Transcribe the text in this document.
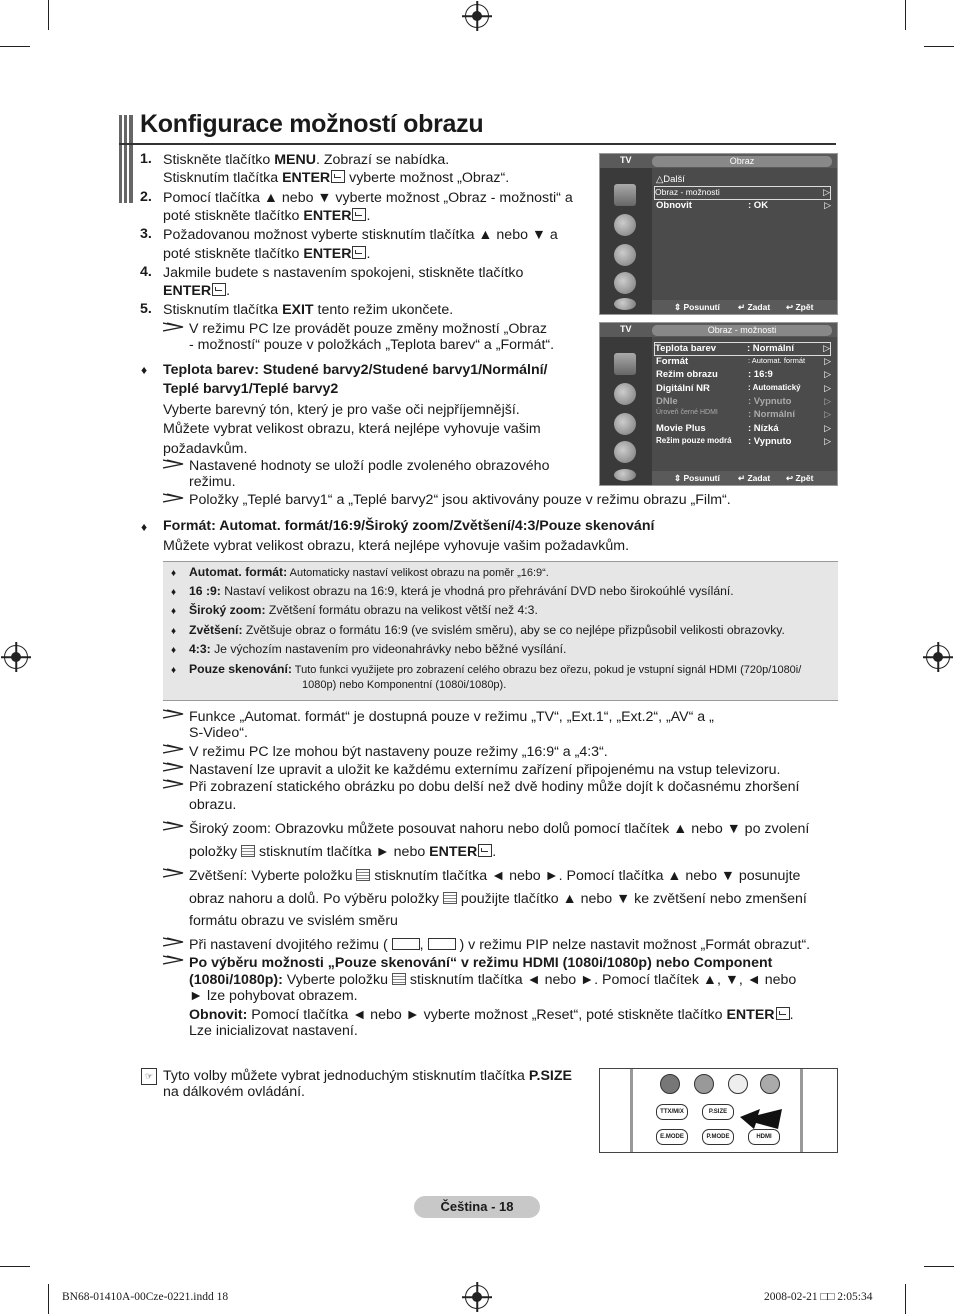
Konfigurace možností obrazu
1. Stiskněte tlačítko MENU. Zobrazí se nabídka.
Stisknutím tlačítka ENTER vyberte možnost „Obraz“.
2. Pomocí tlačítka ▲ nebo ▼ vyberte možnost „Obraz - možnosti“ a
poté stiskněte tlačítko ENTER .
3. Požadovanou možnost vyberte stisknutím tlačítka ▲ nebo ▼ a
poté stiskněte tlačítko ENTER .
4. Jakmile budete s nastavením spokojeni, stiskněte tlačítko
ENTER .
5. Stisknutím tlačítka EXIT tento režim ukončete.
V režimu PC lze provádět pouze změny možností „Obraz
- možností“ pouze v položkách „Teplota barev“ a „Formát“.
♦ Teplota barev: Studené barvy2/Studené barvy1/Normální/
Teplé barvy1/Teplé barvy2
Vyberte barevný tón, který je pro vaše oči nejpříjemnější.
Můžete vybrat velikost obrazu, která nejlépe vyhovuje vašim
požadavkům.
Nastavené hodnoty se uloží podle zvoleného obrazového
režimu.
Položky „Teplé barvy1“ a „Teplé barvy2“ jsou aktivovány pouze v režimu obrazu „Film“.
♦ Formát: Automat. formát/16:9/Široký zoom/Zvětšení/4:3/Pouze skenování
Můžete vybrat velikost obrazu, která nejlépe vyhovuje vašim požadavkům.
♦ Automat. formát: Automaticky nastaví velikost obrazu na poměr „16:9“.
♦ 16 :9: Nastaví velikost obrazu na 16:9, která je vhodná pro přehrávání DVD nebo širokoúhlé vysílání.
♦ Široký zoom: Zvětšení formátu obrazu na velikost větší než 4:3.
♦ Zvětšení: Zvětšuje obraz o formátu 16:9 (ve svislém směru), aby se co nejlépe přizpůsobil velikosti obrazovky.
♦ 4:3: Je výchozím nastavením pro videonahrávky nebo běžné vysílání.
♦ Pouze skenování: Tuto funkci využijete pro zobrazení celého obrazu bez ořezu, pokud je vstupní signál HDMI (720p/1080i/
1080p) nebo Komponentní (1080i/1080p).
Funkce „Automat. formát“ je dostupná pouze v režimu „TV“, „Ext.1“, „Ext.2“, „AV“ a „
S-Video“.
V režimu PC lze mohou být nastaveny pouze režimy „16:9“ a „4:3“.
Nastavení lze upravit a uložit ke každému externímu zařízení připojenému na vstup televizoru.
Při zobrazení statického obrázku po dobu delší než dvě hodiny může dojít k dočasnému zhoršení
obrazu.
Široký zoom: Obrazovku můžete posouvat nahoru nebo dolů pomocí tlačítek ▲ nebo ▼ po zvolení
položky  stisknutím tlačítka ► nebo ENTER .
Zvětšení: Vyberte položku  stisknutím tlačítka ◄ nebo ►. Pomocí tlačítka ▲ nebo ▼ posunujte
obraz nahoru a dolů. Po výběru položky  použijte tlačítko ▲ nebo ▼ ke zvětšení nebo zmenšení
formátu obrazu ve svislém směru
Při nastavení dvojitého režimu ( ,  ) v režimu PIP nelze nastavit možnost „Formát obrazut“.
Po výběru možnosti „Pouze skenování“ v režimu HDMI (1080i/1080p) nebo Component
(1080i/1080p): Vyberte položku  stisknutím tlačítka ◄ nebo ►. Pomocí tlačítek ▲, ▼, ◄ nebo
► lze pohybovat obrazem.
Obnovit: Pomocí tlačítka ◄ nebo ► vyberte možnost „Reset“, poté stiskněte tlačítko ENTER .
Lze inicializovat nastavení.
☞ Tyto volby můžete vybrat jednoduchým stisknutím tlačítka P.SIZE
na dálkovém ovládání.
TV	Obraz
△Další
Obraz - možnosti	▷
Obnovit	: OK	▷
⇕ Posunutí ↵ Zadat ↩ Zpět
TV	Obraz - možnosti
Teplota barev	: Normální	▷
Formát	: Automat. formát ▷
Režim obrazu	: 16:9	▷
Digitální NR	: Automatický	▷
DNIe	: Vypnuto	▷
Úroveň černé HDMI	: Normální	▷
Movie Plus	: Nízká	▷
Režim pouze modrá : Vypnuto	▷
⇕ Posunutí ↵ Zadat ↩ Zpět
TTX/MIX	P.SIZE
E.MODE	P.MODE	HDMI
Čeština - 18
BN68-01410A-00Cze-0221.indd 18	2008-02-21 □□ 2:05:34
